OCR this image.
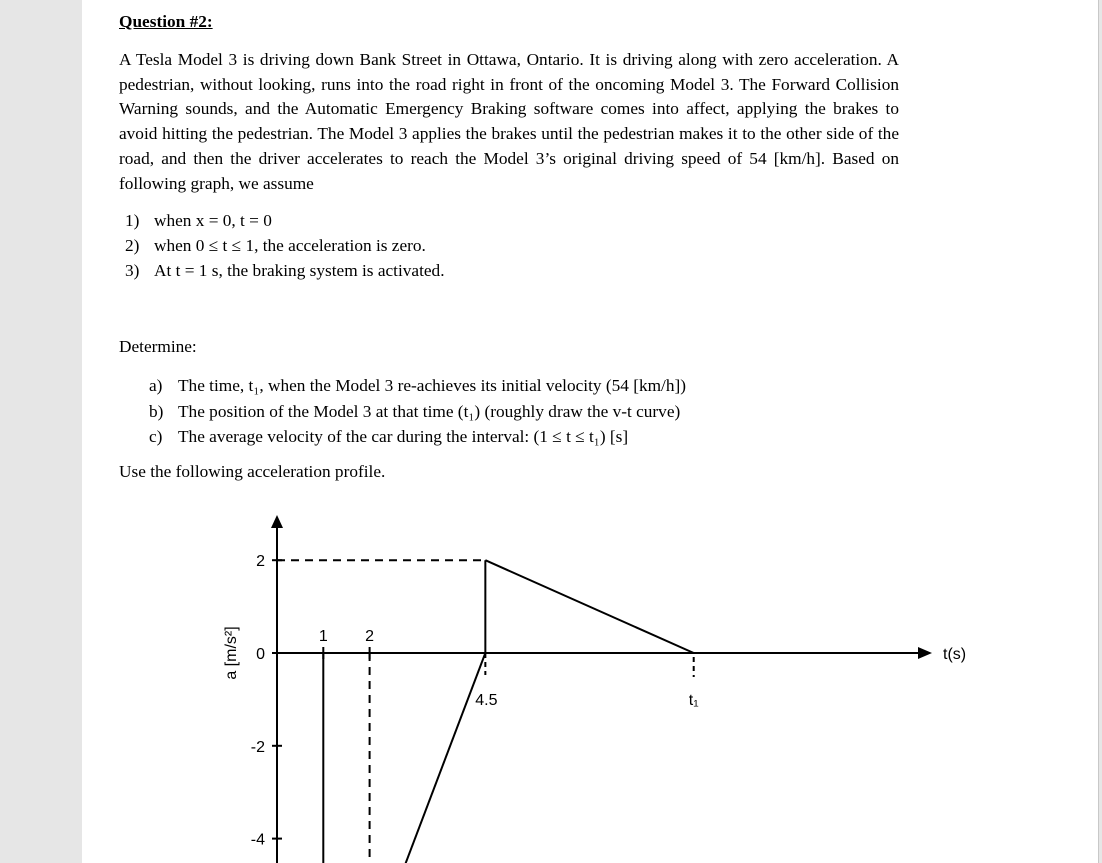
Question #2:

A Tesla Model 3 is driving down Bank Street in Ottawa, Ontario. It is driving along with zero acceleration. A pedestrian, without looking, runs into the road right in front of the oncoming Model 3. The Forward Collision Warning sounds, and the Automatic Emergency Braking software comes into affect, applying the brakes to avoid hitting the pedestrian. The Model 3 applies the brakes until the pedestrian makes it to the other side of the road, and then the driver accelerates to reach the Model 3’s original driving speed of 54 [km/h]. Based on following graph, we assume

1) when x = 0, t = 0
2) when 0 ≤ t ≤ 1, the acceleration is zero.
3) At t = 1 s, the braking system is activated.
Determine:
a) The time, t₁, when the Model 3 re-achieves its initial velocity (54 [km/h])
b) The position of the Model 3 at that time (t₁) (roughly draw the v-t curve)
c) The average velocity of the car during the interval: (1 ≤ t ≤ t₁) [s]
Use the following acceleration profile.
2
0
-2
-4
1 2
4.5	t₁
t(s)
a [m/s²]
